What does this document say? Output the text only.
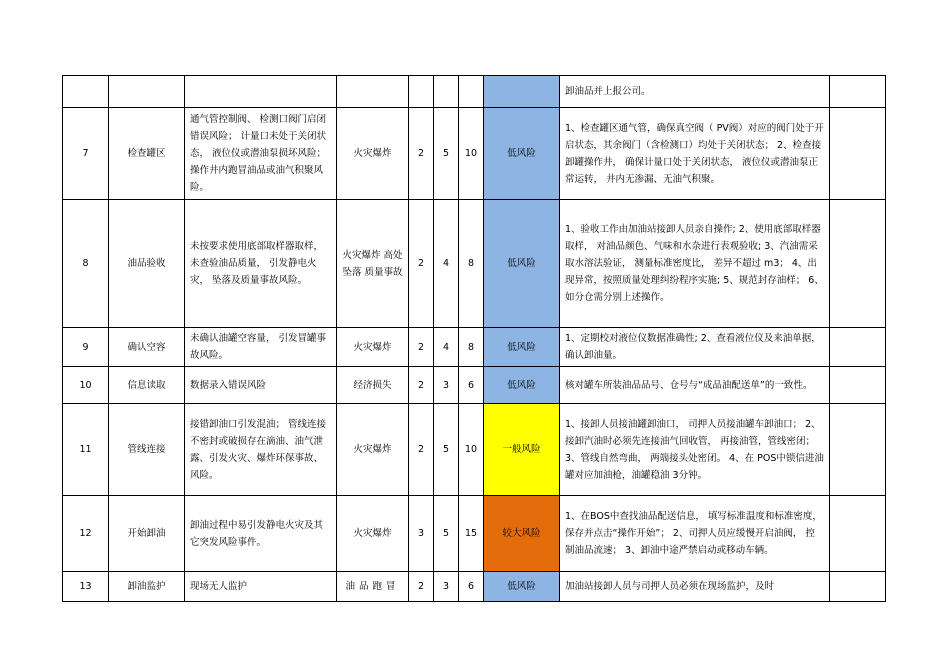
								卸油品并上报公司。	
7	检查罐区	通气管控制阀、 检测口阀门启闭错误风险； 计量口未处于关闭状态， 液位仪或潜油泵损坏风险； 操作井内跑冒油品或油气积聚风险。	火灾爆炸	2	5	10	低风险	1、检查罐区通气管，确保真空阀（ PV阀）对应的阀门处于开启状态，其余阀门（含检测口）均处于关闭状态； 2、检查接卸罐操作井， 确保计量口处于关闭状态， 液位仪或潜油泵正常运转， 井内无渗漏、无油气积聚。	
8	油品验收	未按要求使用底部取样器取样， 未查验油品质量， 引发静电火灾， 坠落及质量事故风险。	火灾爆炸 高处坠落 质量事故	2	4	8	低风险	1、验收工作由加油站接卸人员亲自操作; 2、使用底部取样器取样， 对油品颜色、气味和水杂进行表观验收; 3、汽油需采取水溶法验证， 测量标准密度比， 差异不超过 m3； 4、出现异常，按照质量处理纠纷程序实施; 5、规范封存油样； 6、如分仓需分别上述操作。	
9	确认空容	未确认油罐空容量， 引发冒罐事故风险。	火灾爆炸	2	4	8	低风险	1、定期校对液位仪数据准确性; 2、查看液位仪及来油单据，确认卸油量。	
10	信息读取	数据录入错误风险	经济损失	2	3	6	低风险	核对罐车所装油品品号、仓号与“成品油配送单”的一致性。	
11	管线连接	接错卸油口引发混油； 管线连接不密封或破损存在滴油、油气泄露、引发火灾、爆炸环保事故、风险。	火灾爆炸	2	5	10	一般风险	1、接卸人员接油罐卸油口， 司押人员接油罐车卸油口； 2、接卸汽油时必须先连接油气回收管， 再接油管，管线密闭； 3、管线自然弯曲， 两端接头处密闭。 4、在 POS中锁信进油罐对应加油枪，油罐稳油 3分钟。	
12	开始卸油	卸油过程中易引发静电火灾及其它突发风险事件。	火灾爆炸	3	5	15	较大风险	1、在BOS中查找油品配送信息， 填写标准温度和标准密度，保存并点击“操作开始”； 2、司押人员应缓慢开启油阀， 控制油品流速； 3、卸油中途严禁启动或移动车辆。	
13	卸油监护	现场无人监护	油品跑冒	2	3	6	低风险	加油站接卸人员与司押人员必须在现场监护，及时	
